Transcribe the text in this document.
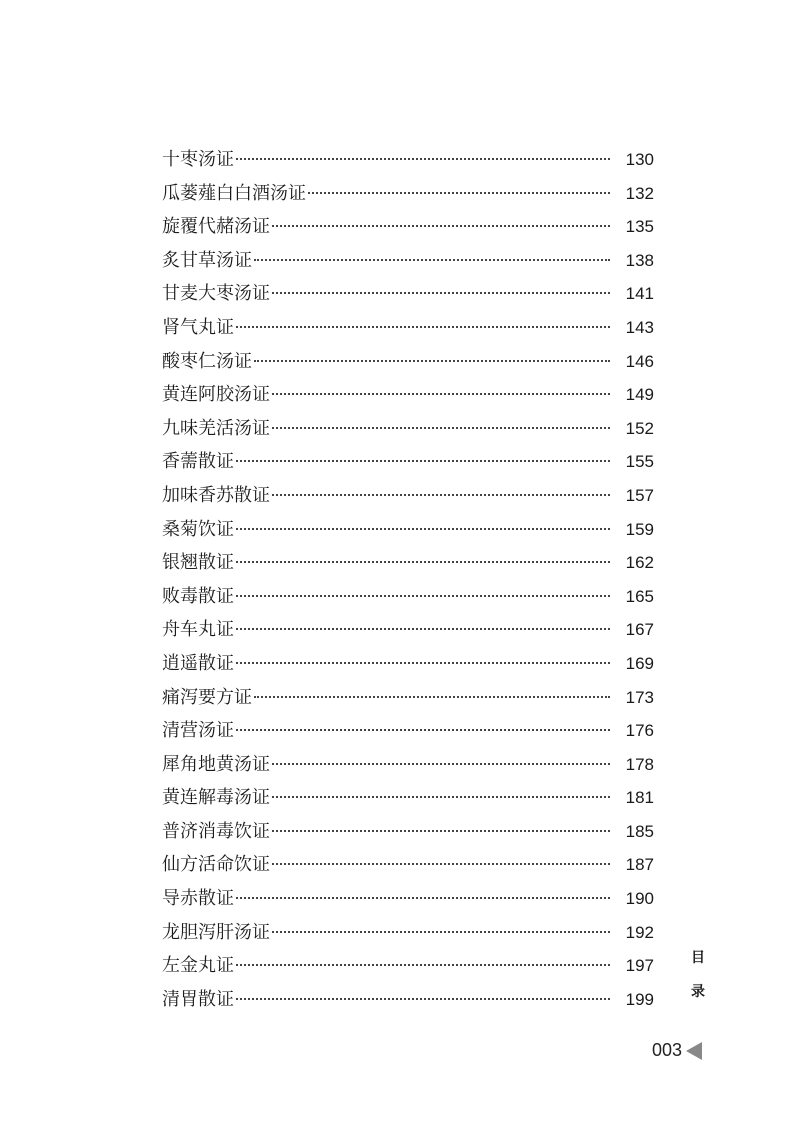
十枣汤证	130
瓜蒌薤白白酒汤证	132
旋覆代赭汤证	135
炙甘草汤证	138
甘麦大枣汤证	141
肾气丸证	143
酸枣仁汤证	146
黄连阿胶汤证	149
九味羌活汤证	152
香薷散证	155
加味香苏散证	157
桑菊饮证	159
银翘散证	162
败毒散证	165
舟车丸证	167
逍遥散证	169
痛泻要方证	173
清营汤证	176
犀角地黄汤证	178
黄连解毒汤证	181
普济消毒饮证	185
仙方活命饮证	187
导赤散证	190
龙胆泻肝汤证	192
左金丸证	197
清胃散证	199
目
录
003
